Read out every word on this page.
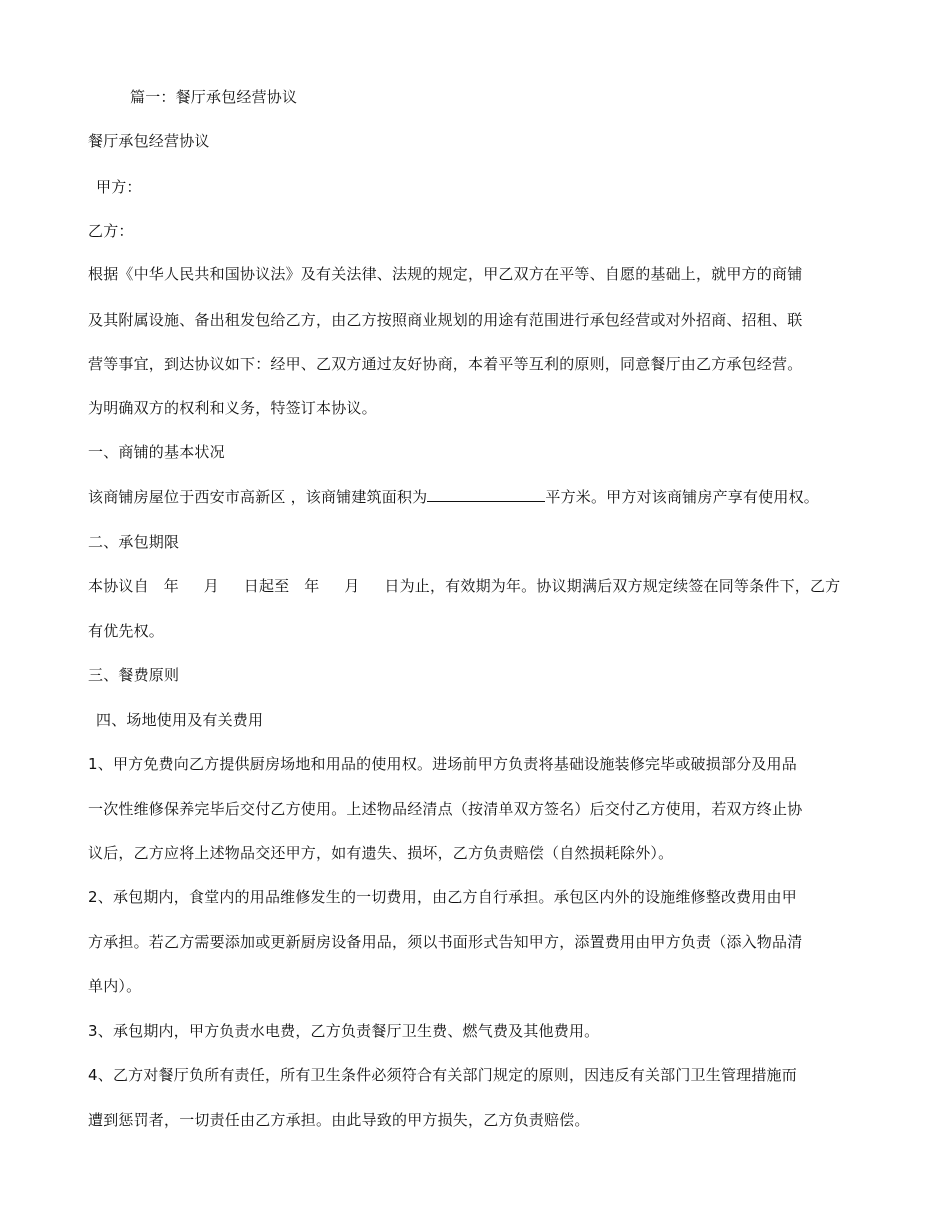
篇一：餐厅承包经营协议
餐厅承包经营协议
甲方：
乙方：
根据《中华人民共和国协议法》及有关法律、法规的规定，甲乙双方在平等、自愿的基础上，就甲方的商铺
及其附属设施、备出租发包给乙方，由乙方按照商业规划的用途有范围进行承包经营或对外招商、招租、联
营等事宜，到达协议如下：经甲、乙双方通过友好协商，本着平等互利的原则，同意餐厅由乙方承包经营。
为明确双方的权利和义务，特签订本协议。
一、商铺的基本状况
该商铺房屋位于西安市高新区 ，该商铺建筑面积为	平方米。甲方对该商铺房产享有使用权。
二、承包期限
本协议自   年     月     日起至   年     月     日为止，有效期为年。协议期满后双方规定续签在同等条件下，乙方
有优先权。
三、餐费原则
四、场地使用及有关费用
1、甲方免费向乙方提供厨房场地和用品的使用权。进场前甲方负责将基础设施装修完毕或破损部分及用品
一次性维修保养完毕后交付乙方使用。上述物品经清点（按清单双方签名）后交付乙方使用，若双方终止协
议后，乙方应将上述物品交还甲方，如有遗失、损坏，乙方负责赔偿（自然损耗除外）。
2、承包期内，食堂内的用品维修发生的一切费用，由乙方自行承担。承包区内外的设施维修整改费用由甲
方承担。若乙方需要添加或更新厨房设备用品，须以书面形式告知甲方，添置费用由甲方负责（添入物品清
单内）。
3、承包期内，甲方负责水电费，乙方负责餐厅卫生费、燃气费及其他费用。
4、乙方对餐厅负所有责任，所有卫生条件必须符合有关部门规定的原则，因违反有关部门卫生管理措施而
遭到惩罚者，一切责任由乙方承担。由此导致的甲方损失，乙方负责赔偿。
